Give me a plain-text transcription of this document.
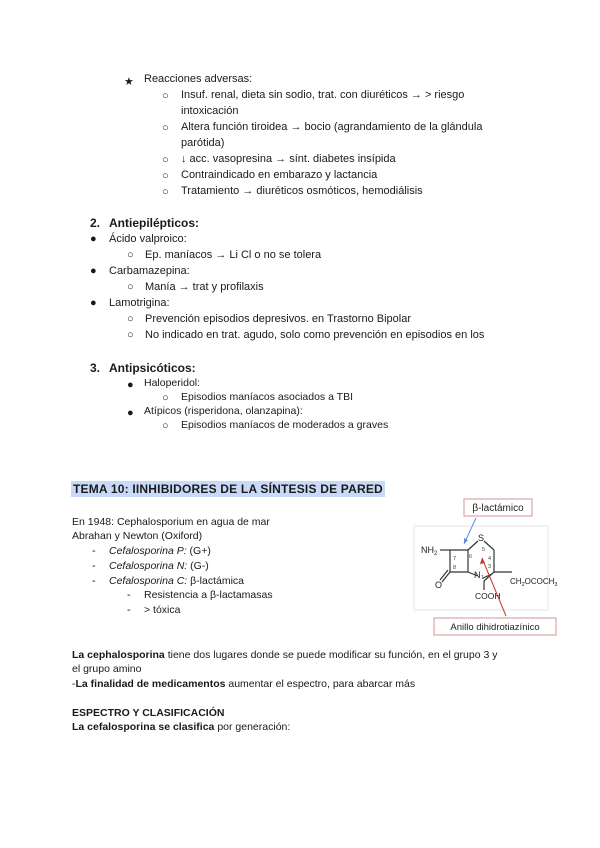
★ Reacciones adversas:
○ Insuf. renal, dieta sin sodio, trat. con diuréticos → > riesgo
intoxicación
○ Altera función tiroidea → bocio (agrandamiento de la glándula
parótida)
○ ↓ acc. vasopresina → sínt. diabetes insípida
○ Contraindicado en embarazo y lactancia
○ Tratamiento → diuréticos osmóticos, hemodiálisis
2. Antiepilépticos:
● Ácido valproico:
○ Ep. maníacos → Li Cl o no se tolera
● Carbamazepina:
○ Manía → trat y profilaxis
● Lamotrigina:
○ Prevención episodios depresivos. en Trastorno Bipolar
○ No indicado en trat. agudo, solo como prevención en episodios en los
3. Antipsicóticos:
● Haloperidol:
○ Episodios maníacos asociados a TBI
● Atípicos (risperidona, olanzapina):
○ Episodios maníacos de moderados a graves
TEMA 10: IINHIBIDORES DE LA SÍNTESIS DE PARED
En 1948: Cephalosporium en agua de mar
Abrahan y Newton (Oxiford)
- Cefalosporina P: (G+)
- Cefalosporina N: (G-)
- Cefalosporina C: β-lactámica
- Resistencia a β-lactamasas
- > tóxica
β-lactámico
Anillo dihidrotiazínico
$NH_2$
S
N
O
COOH
$CH_2OCOCH_3$
7
8
6
5
4
3
1
La cephalosporina tiene dos lugares donde se puede modificar su función, en el grupo 3 y
el grupo amino
-La finalidad de medicamentos aumentar el espectro, para abarcar más
ESPECTRO Y CLASIFICACIÓN
La cefalosporina se clasifica por generación:
